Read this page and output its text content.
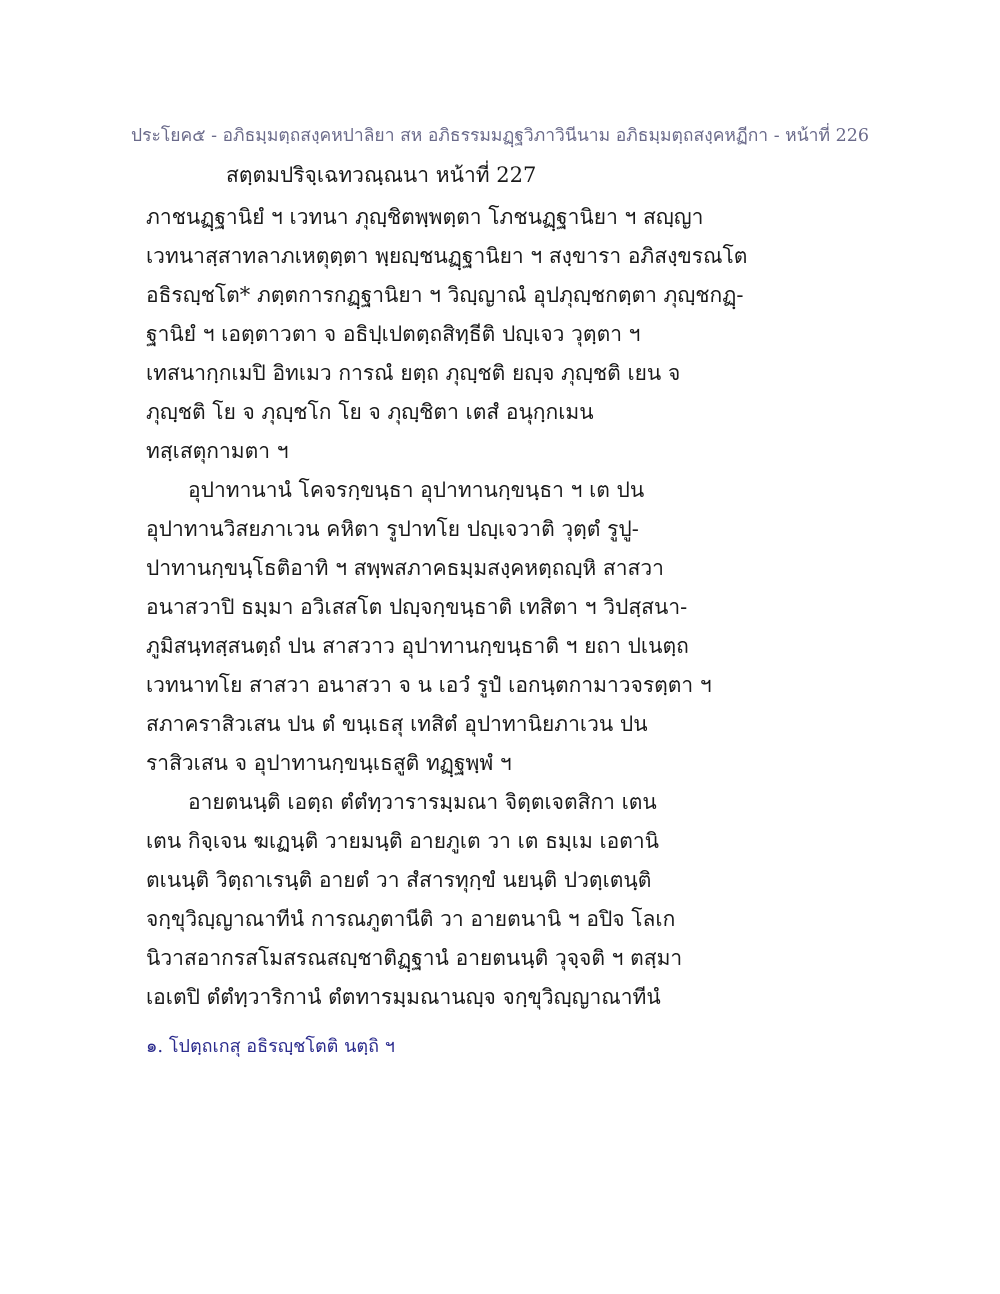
ประโยค๕ - อภิธมฺมตฺถสงฺคหปาลิยา สห อภิธรรมมฏฺฐวิภาวินีนาม อภิธมฺมตฺถสงฺคหฏีกา - หน้าที่ 226
สตฺตมปริจฺเฉทวณฺณนา หน้าที่ 227
ภาชนฏฺฐานิยํ ฯ เวทนา ภุญฺชิตพฺพตฺตา โภชนฏฺฐานิยา ฯ สญฺญา
เวทนาสฺสาทลาภเหตุตฺตา พฺยญฺชนฏฺฐานิยา ฯ สงฺขารา อภิสงฺขรณโต
อธิรญฺชโต* ภตฺตการกฏฺฐานิยา ฯ วิญฺญาณํ อุปภุญฺชกตฺตา ภุญฺชกฏฺ-
ฐานิยํ ฯ เอตฺตาวตา จ อธิปฺเปตตฺถสิทฺธีติ ปญฺเจว วุตฺตา ฯ
เทสนากฺกเมปิ อิทเมว การณํ ยตฺถ ภุญฺชติ ยญฺจ ภุญฺชติ เยน จ
ภุญฺชติ โย จ ภุญฺชโก โย จ ภุญฺชิตา เตสํ อนุกฺกเมน
ทสฺเสตุกามตา ฯ
อุปาทานานํ โคจรกฺขนฺธา อุปาทานกฺขนฺธา ฯ เต ปน
อุปาทานวิสยภาเวน คหิตา รูปาทโย ปญฺเจวาติ วุตฺตํ รูปู-
ปาทานกฺขนฺโธติอาทิ ฯ สพฺพสภาคธมฺมสงฺคหตฺถญฺหิ สาสวา
อนาสวาปิ ธมฺมา อวิเสสโต ปญฺจกฺขนฺธาติ เทสิตา ฯ วิปสฺสนา-
ภูมิสนฺทสฺสนตฺถํ ปน สาสวาว อุปาทานกฺขนฺธาติ ฯ ยถา ปเนตฺถ
เวทนาทโย สาสวา อนาสวา จ น เอวํ รูปํ เอกนฺตกามาวจรตฺตา ฯ
สภาคราสิวเสน ปน ตํ ขนฺเธสุ เทสิตํ อุปาทานิยภาเวน ปน
ราสิวเสน จ อุปาทานกฺขนฺเธสูติ ทฏฺฐพฺพํ ฯ
อายตนนฺติ เอตฺถ ตํตํทฺวารารมฺมณา จิตฺตเจตสิกา เตน
เตน กิจฺเจน ฆเฏนฺติ วายมนฺติ อายภูเต วา เต ธมฺเม เอตานิ
ตเนนฺติ วิตฺถาเรนฺติ อายตํ วา สํสารทุกฺขํ นยนฺติ ปวตฺเตนฺติ
จกฺขุวิญฺญาณาทีนํ การณภูตานีติ วา อายตนานิ ฯ อปิจ โลเก
นิวาสอากรสโมสรณสญฺชาติฏฺฐานํ อายตนนฺติ วุจฺจติ ฯ ตสฺมา
เอเตปิ ตํตํทฺวาริกานํ ตํตทารมฺมณานญฺจ จกฺขุวิญฺญาณาทีนํ
๑. โปตฺถเกสุ อธิรญฺชโตติ นตฺถิ ฯ
